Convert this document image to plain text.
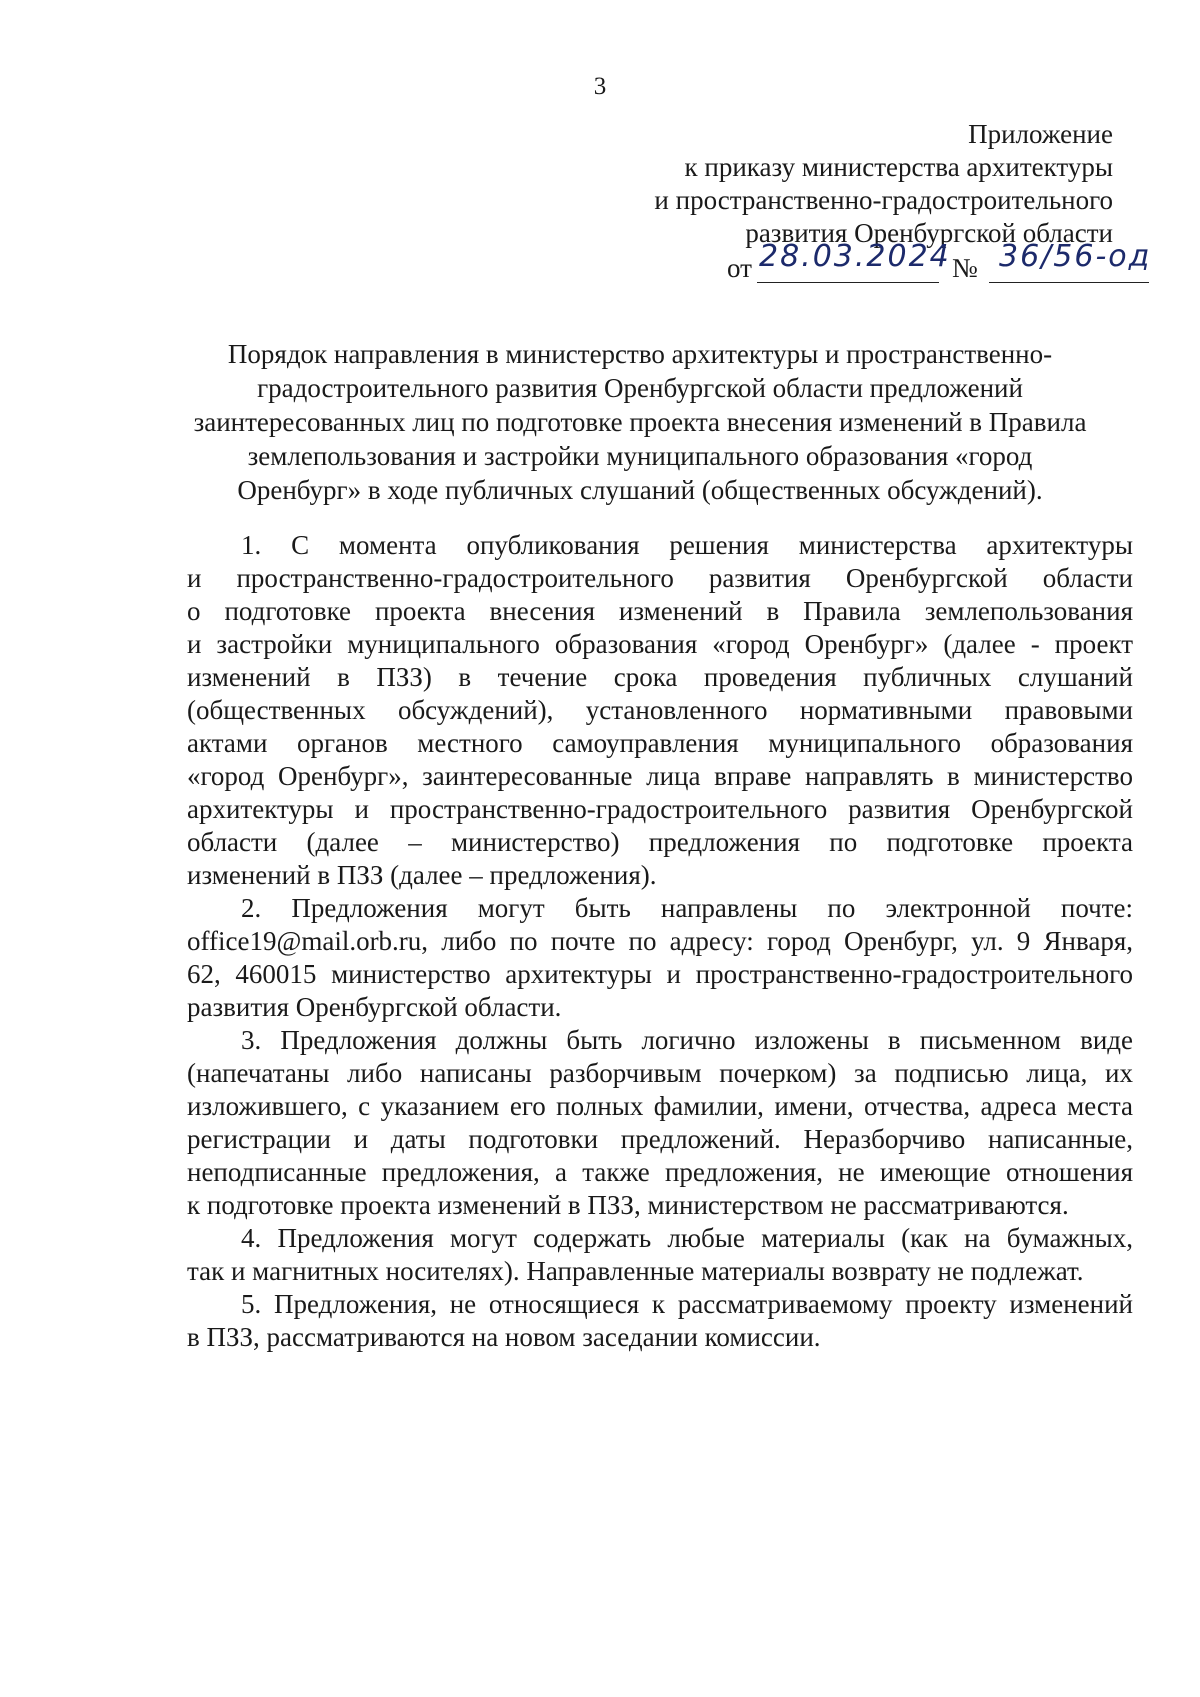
3
Приложение
к приказу министерства архитектуры
и пространственно-градостроительного
развития Оренбургской области
от 28.03.2024 № 36/56-од
Порядок направления в министерство архитектуры и пространственно-
градостроительного развития Оренбургской области предложений
заинтересованных лиц по подготовке проекта внесения изменений в Правила
землепользования и застройки муниципального образования «город
Оренбург» в ходе публичных слушаний (общественных обсуждений).
1. С момента опубликования решения министерства архитектуры
и пространственно-градостроительного развития Оренбургской области
о подготовке проекта внесения изменений в Правила землепользования
и застройки муниципального образования «город Оренбург» (далее - проект
изменений в ПЗЗ) в течение срока проведения публичных слушаний
(общественных обсуждений), установленного нормативными правовыми
актами органов местного самоуправления муниципального образования
«город Оренбург», заинтересованные лица вправе направлять в министерство
архитектуры и пространственно-градостроительного развития Оренбургской
области (далее – министерство) предложения по подготовке проекта
изменений в ПЗЗ (далее – предложения).
2. Предложения могут быть направлены по электронной почте:
office19@mail.orb.ru, либо по почте по адресу: город Оренбург, ул. 9 Января,
62, 460015 министерство архитектуры и пространственно-градостроительного
развития Оренбургской области.
3. Предложения должны быть логично изложены в письменном виде
(напечатаны либо написаны разборчивым почерком) за подписью лица, их
изложившего, с указанием его полных фамилии, имени, отчества, адреса места
регистрации и даты подготовки предложений. Неразборчиво написанные,
неподписанные предложения, а также предложения, не имеющие отношения
к подготовке проекта изменений в ПЗЗ, министерством не рассматриваются.
4. Предложения могут содержать любые материалы (как на бумажных,
так и магнитных носителях). Направленные материалы возврату не подлежат.
5. Предложения, не относящиеся к рассматриваемому проекту изменений
в ПЗЗ, рассматриваются на новом заседании комиссии.
